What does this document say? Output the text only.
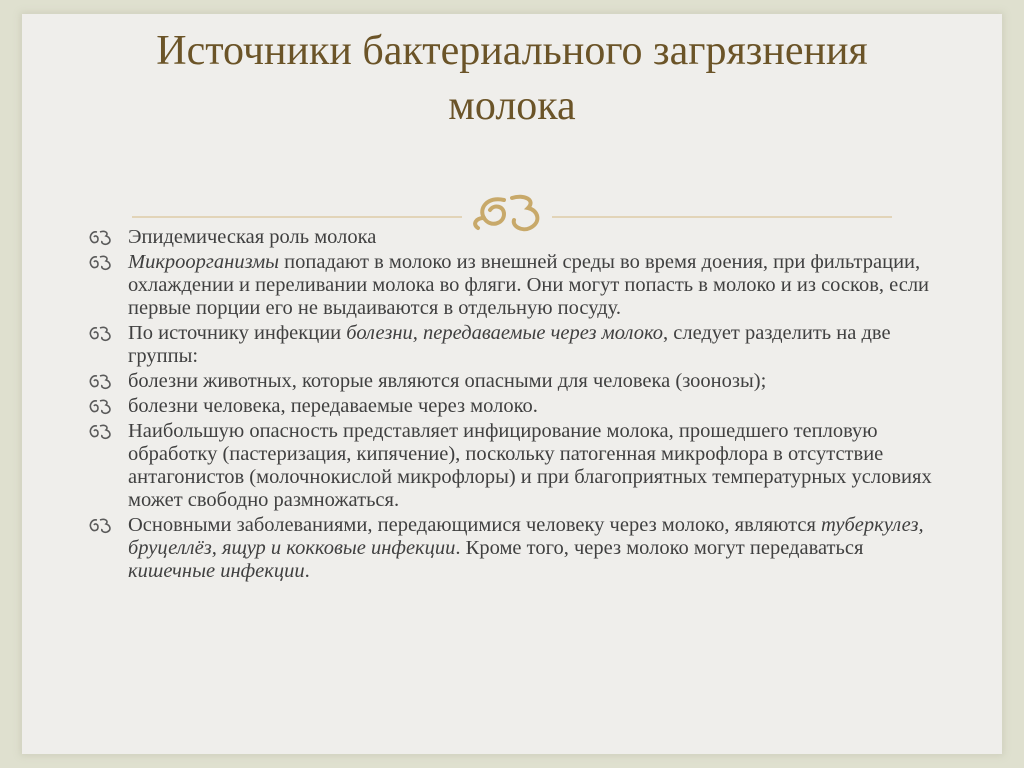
Источники бактериального загрязнения
молока
Эпидемическая роль молока
Микроорганизмы попадают в молоко из внешней среды во время доения, при фильтрации, охлаждении и переливании молока во фляги. Они могут попасть в молоко и из сосков, если первые порции его не выдаиваются в отдельную посуду.
По источнику инфекции болезни, передаваемые через молоко, следует разделить на две группы:
болезни животных, которые являются опасными для человека (зоонозы);
болезни человека, передаваемые через молоко.
Наибольшую опасность представляет инфицирование молока, прошедшего тепловую обработку (пастеризация, кипячение), поскольку патогенная микрофлора в отсутствие антагонистов (молочнокислой микрофлоры) и при благоприятных температурных условиях может свободно размножаться.
Основными заболеваниями, передающимися человеку через молоко, являются туберкулез, бруцеллёз, ящур и кокковые инфекции. Кроме того, через молоко могут передаваться кишечные инфекции.
